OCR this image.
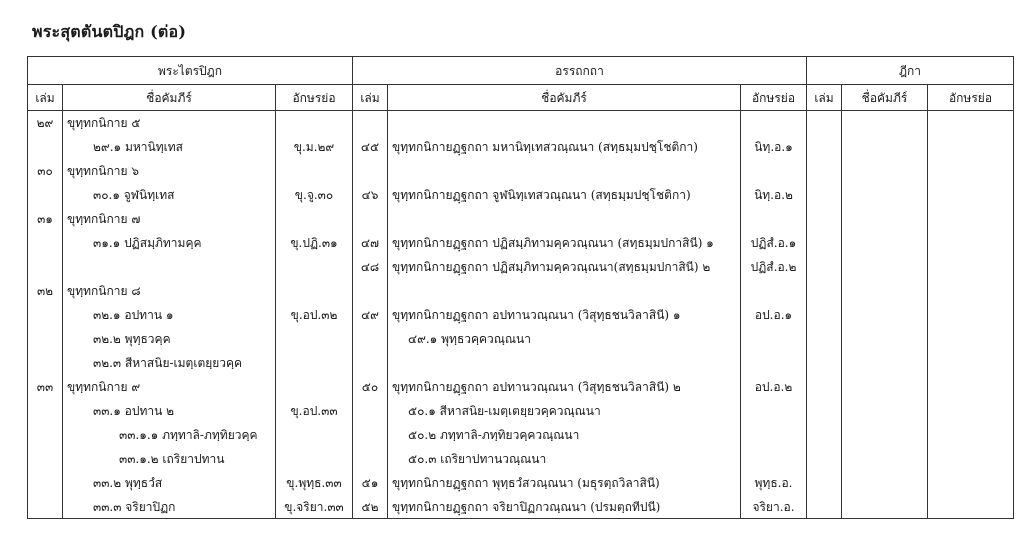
พระสุตตันตปิฎก (ต่อ)
พระไตรปิฎก			อรรถกถา			ฎีกา		
เล่ม	ชื่อคัมภีร์	อักษรย่อ	เล่ม	ชื่อคัมภีร์	อักษรย่อ	เล่ม	ชื่อคัมภีร์	อักษรย่อ
๒๙	ขุทฺทกนิกาย ๕							
	๒๙.๑ มหานิทฺเทส	ขุ.ม.๒๙	๔๕	ขุทฺทกนิกายฏฺฐกถา มหานิทฺเทสวณฺณนา (สทฺธมฺมปชฺโชติกา)	นิทฺ.อ.๑			
๓๐	ขุทฺทกนิกาย ๖							
	๓๐.๑ จูฬนิทฺเทส	ขุ.จู.๓๐	๔๖	ขุทฺทกนิกายฏฺฐกถา จูฬนิทฺเทสวณฺณนา (สทฺธมฺมปชฺโชติกา)	นิทฺ.อ.๒			
๓๑	ขุทฺทกนิกาย ๗							
	๓๑.๑ ปฏิสมฺภิทามคฺค	ขุ.ปฏิ.๓๑	๔๗	ขุทฺทกนิกายฏฺฐกถา ปฏิสมฺภิทามคฺควณฺณนา (สทฺธมฺมปกาสินี) ๑	ปฏิสํ.อ.๑			
			๔๘	ขุทฺทกนิกายฏฺฐกถา ปฏิสมฺภิทามคฺควณฺณนา(สทฺธมฺมปกาสินี) ๒	ปฏิสํ.อ.๒			
๓๒	ขุทฺทกนิกาย ๘							
	๓๒.๑ อปทาน ๑	ขุ.อป.๓๒	๔๙	ขุทฺทกนิกายฏฺฐกถา อปทานวณฺณนา (วิสุทฺธชนวิลาสินี) ๑	อป.อ.๑			
	๓๒.๒ พุทฺธวคฺค			๔๙.๑ พุทฺธวคฺควณฺณนา				
	๓๒.๓ สีหาสนิย-เมตฺเตยฺยวคฺค							
๓๓	ขุทฺทกนิกาย ๙		๕๐	ขุทฺทกนิกายฏฺฐกถา อปทานวณฺณนา (วิสุทฺธชนวิลาสินี) ๒	อป.อ.๒			
	๓๓.๑ อปทาน ๒	ขุ.อป.๓๓		๕๐.๑ สีหาสนิย-เมตฺเตยฺยวคฺควณฺณนา				
	๓๓.๑.๑ ภทฺทาลิ-ภทฺทิยวคฺค			๕๐.๒ ภทฺทาลิ-ภทฺทิยวคฺควณฺณนา				
	๓๓.๑.๒ เถริยาปทาน			๕๐.๓ เถริยาปทานวณฺณนา				
	๓๓.๒ พุทฺธวํส	ขุ.พุทฺธ.๓๓	๕๑	ขุทฺทกนิกายฏฺฐกถา พุทฺธวํสวณฺณนา (มธุรตฺถวิลาสินี)	พุทฺธ.อ.			
	๓๓.๓ จริยาปิฏก	ขุ.จริยา.๓๓	๕๒	ขุทฺทกนิกายฏฺฐกถา จริยาปิฏกวณฺณนา (ปรมตฺถทีปนี)	จริยา.อ.			
